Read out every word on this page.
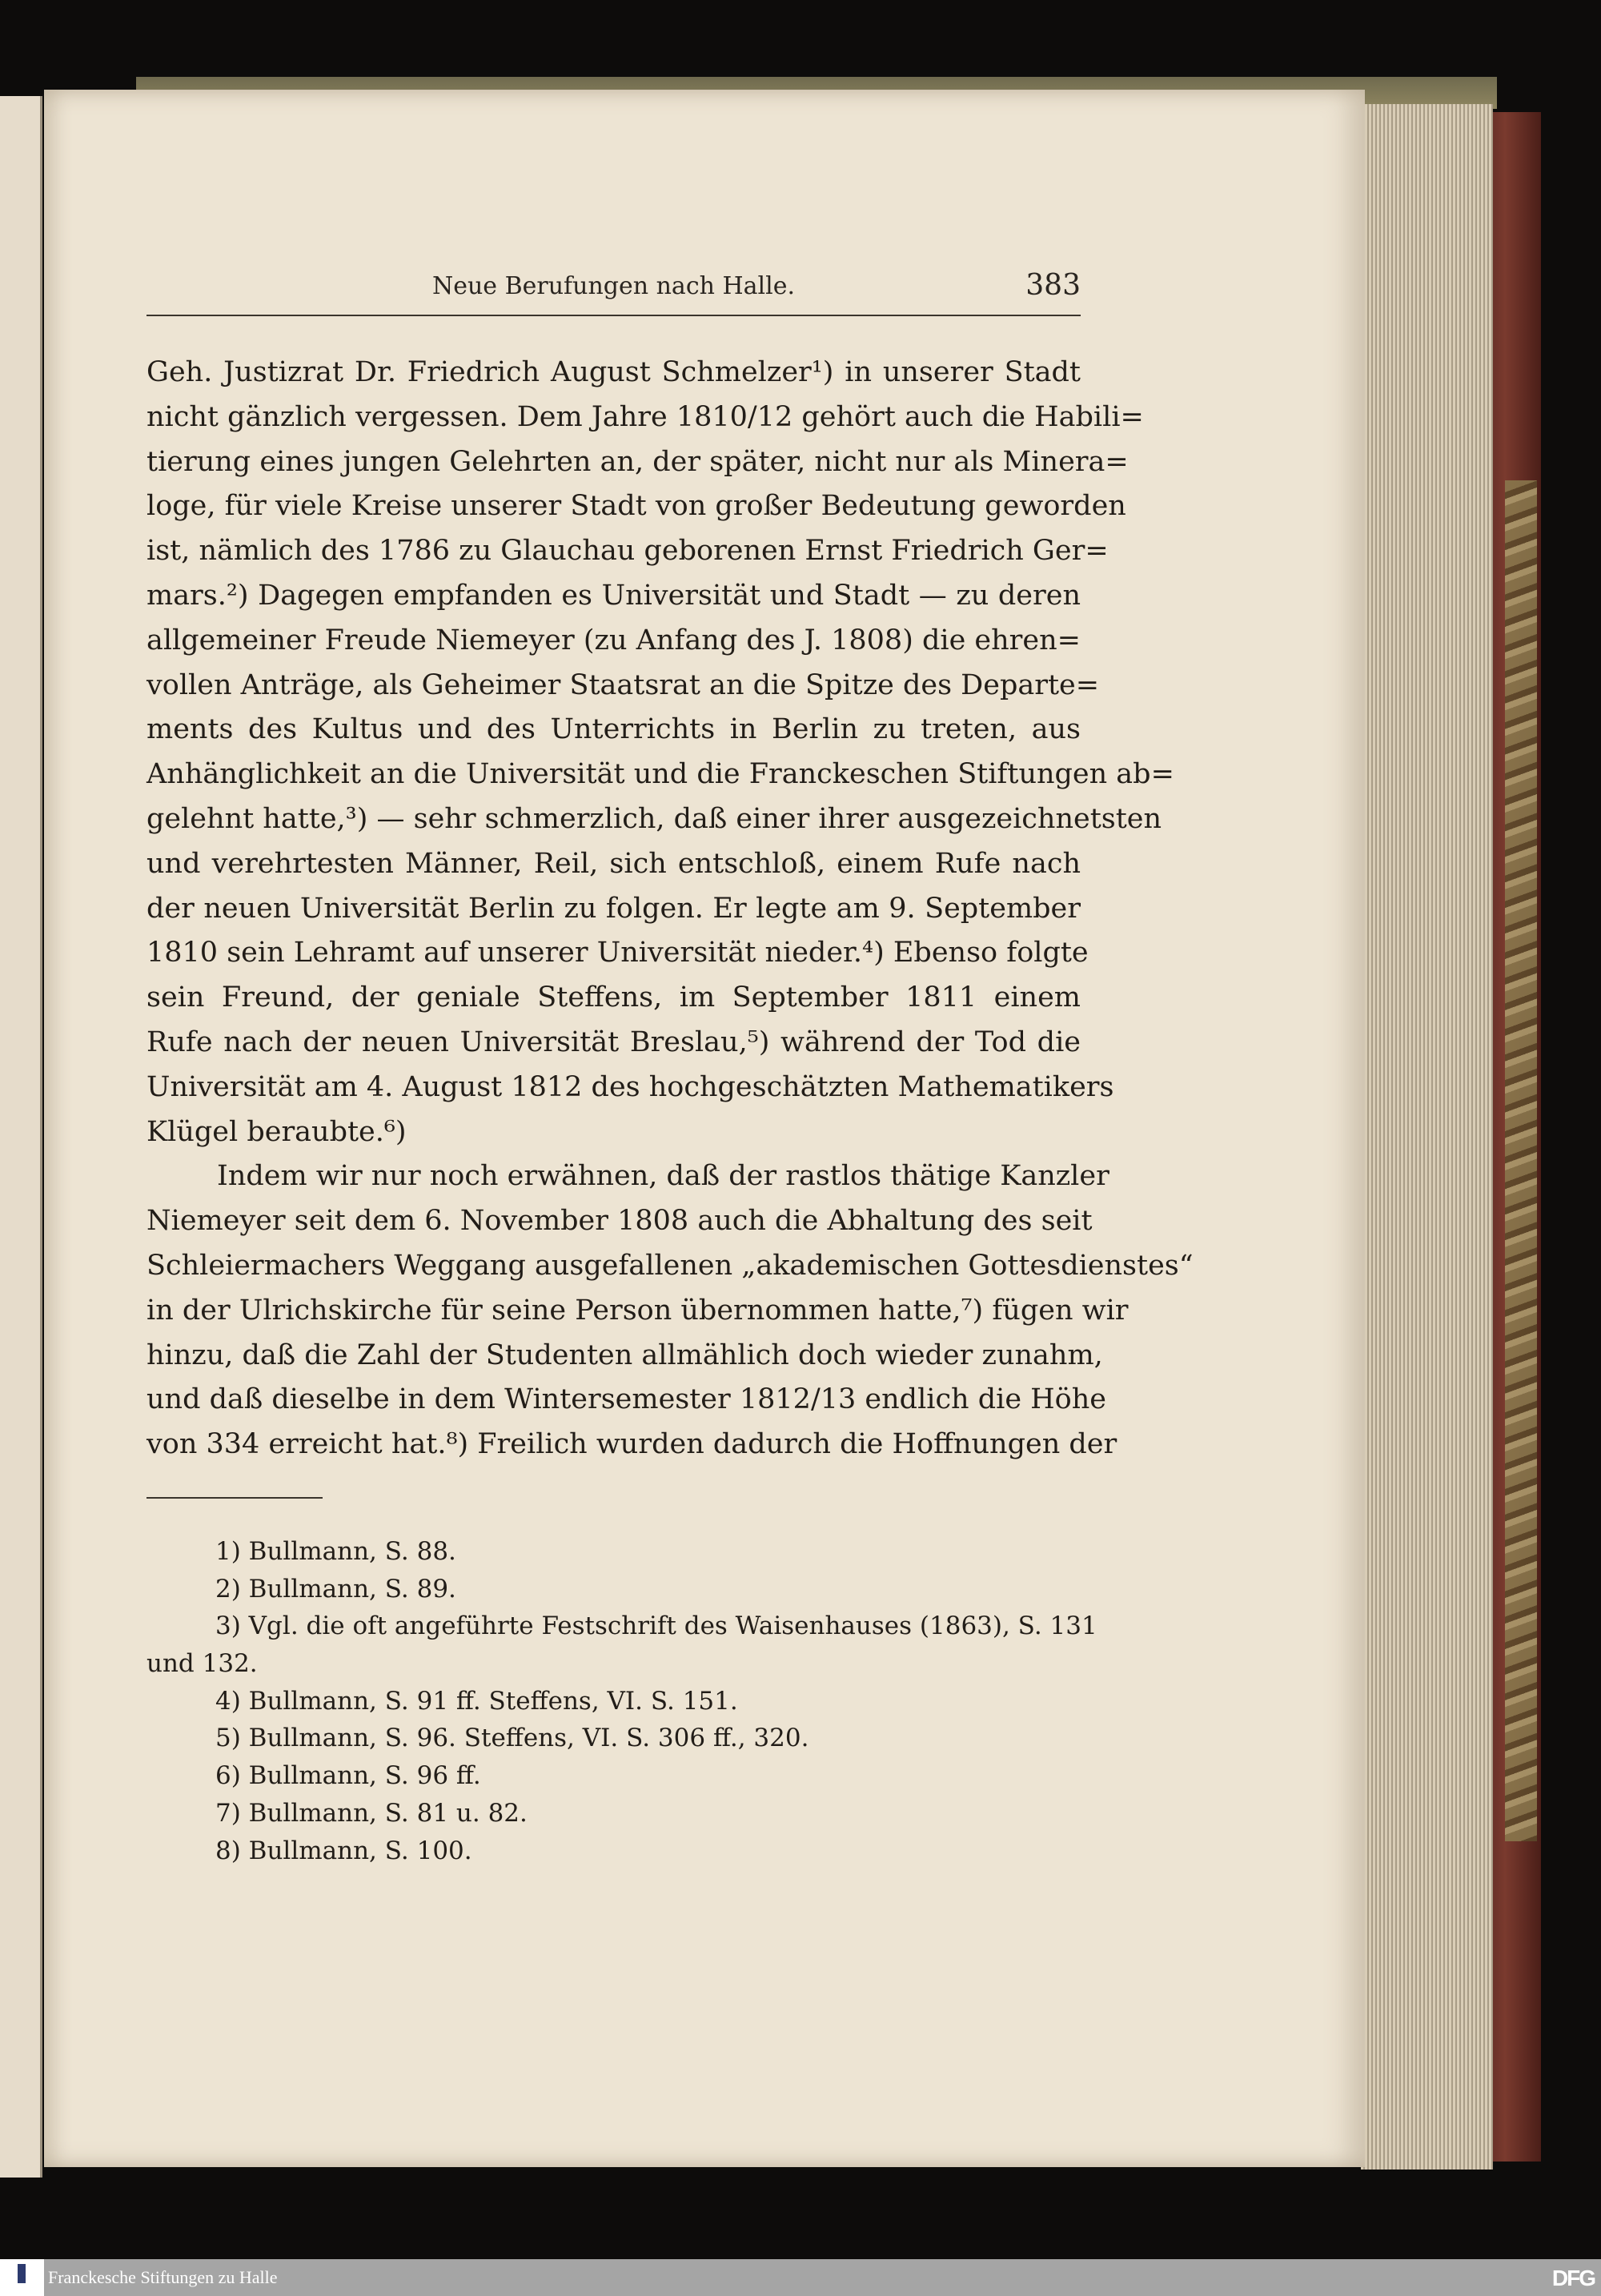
Neue Berufungen nach Halle.	383
Geh. Justizrat Dr. Friedrich August Schmelzer¹) in unserer Stadt
nicht gänzlich vergessen. Dem Jahre 1810/12 gehört auch die Habili=
tierung eines jungen Gelehrten an, der später, nicht nur als Minera=
loge, für viele Kreise unserer Stadt von großer Bedeutung geworden
ist, nämlich des 1786 zu Glauchau geborenen Ernst Friedrich Ger=
mars.²) Dagegen empfanden es Universität und Stadt — zu deren
allgemeiner Freude Niemeyer (zu Anfang des J. 1808) die ehren=
vollen Anträge, als Geheimer Staatsrat an die Spitze des Departe=
ments des Kultus und des Unterrichts in Berlin zu treten, aus
Anhänglichkeit an die Universität und die Franckeschen Stiftungen ab=
gelehnt hatte,³) — sehr schmerzlich, daß einer ihrer ausgezeichnetsten
und verehrtesten Männer, Reil, sich entschloß, einem Rufe nach
der neuen Universität Berlin zu folgen. Er legte am 9. September
1810 sein Lehramt auf unserer Universität nieder.⁴) Ebenso folgte
sein Freund, der geniale Steffens, im September 1811 einem
Rufe nach der neuen Universität Breslau,⁵) während der Tod die
Universität am 4. August 1812 des hochgeschätzten Mathematikers
Klügel beraubte.⁶)
Indem wir nur noch erwähnen, daß der rastlos thätige Kanzler
Niemeyer seit dem 6. November 1808 auch die Abhaltung des seit
Schleiermachers Weggang ausgefallenen „akademischen Gottesdienstes“
in der Ulrichskirche für seine Person übernommen hatte,⁷) fügen wir
hinzu, daß die Zahl der Studenten allmählich doch wieder zunahm,
und daß dieselbe in dem Wintersemester 1812/13 endlich die Höhe
von 334 erreicht hat.⁸) Freilich wurden dadurch die Hoffnungen der
1) Bullmann, S. 88.
2) Bullmann, S. 89.
3) Vgl. die oft angeführte Festschrift des Waisenhauses (1863), S. 131
und 132.
4) Bullmann, S. 91 ff. Steffens, VI. S. 151.
5) Bullmann, S. 96. Steffens, VI. S. 306 ff., 320.
6) Bullmann, S. 96 ff.
7) Bullmann, S. 81 u. 82.
8) Bullmann, S. 100.
Franckesche Stiftungen zu Halle	DFG
